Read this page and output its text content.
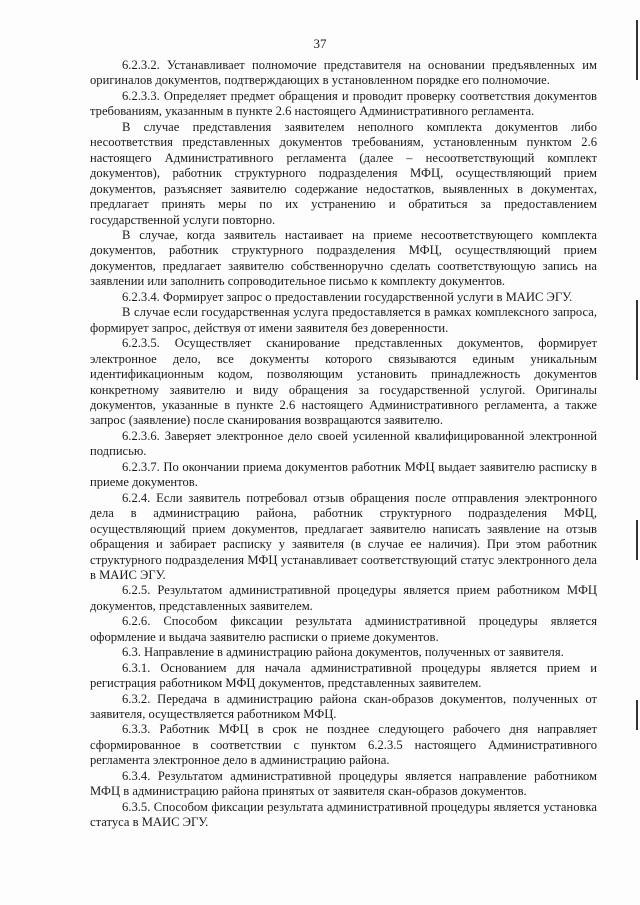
37

6.2.3.2. Устанавливает полномочие представителя на основании предъявленных им оригиналов документов, подтверждающих в установленном порядке его полномочие.

6.2.3.3. Определяет предмет обращения и проводит проверку соответствия документов требованиям, указанным в пункте 2.6 настоящего Административного регламента.

В случае представления заявителем неполного комплекта документов либо несоответствия представленных документов требованиям, установленным пунктом 2.6 настоящего Административного регламента (далее – несоответствующий комплект документов), работник структурного подразделения МФЦ, осуществляющий прием документов, разъясняет заявителю содержание недостатков, выявленных в документах, предлагает принять меры по их устранению и обратиться за предоставлением государственной услуги повторно.

В случае, когда заявитель настаивает на приеме несоответствующего комплекта документов, работник структурного подразделения МФЦ, осуществляющий прием документов, предлагает заявителю собственноручно сделать соответствующую запись на заявлении или заполнить сопроводительное письмо к комплекту документов.

6.2.3.4. Формирует запрос о предоставлении государственной услуги в МАИС ЭГУ.

В случае если государственная услуга предоставляется в рамках комплексного запроса, формирует запрос, действуя от имени заявителя без доверенности.

6.2.3.5. Осуществляет сканирование представленных документов, формирует электронное дело, все документы которого связываются единым уникальным идентификационным кодом, позволяющим установить принадлежность документов конкретному заявителю и виду обращения за государственной услугой. Оригиналы документов, указанные в пункте 2.6 настоящего Административного регламента, а также запрос (заявление) после сканирования возвращаются заявителю.

6.2.3.6. Заверяет электронное дело своей усиленной квалифицированной электронной подписью.

6.2.3.7. По окончании приема документов работник МФЦ выдает заявителю расписку в приеме документов.

6.2.4. Если заявитель потребовал отзыв обращения после отправления электронного дела в администрацию района, работник структурного подразделения МФЦ, осуществляющий прием документов, предлагает заявителю написать заявление на отзыв обращения и забирает расписку у заявителя (в случае ее наличия). При этом работник структурного подразделения МФЦ устанавливает соответствующий статус электронного дела в МАИС ЭГУ.

6.2.5. Результатом административной процедуры является прием работником МФЦ документов, представленных заявителем.

6.2.6. Способом фиксации результата административной процедуры является оформление и выдача заявителю расписки о приеме документов.

6.3. Направление в администрацию района документов, полученных от заявителя.

6.3.1. Основанием для начала административной процедуры является прием и регистрация работником МФЦ документов, представленных заявителем.

6.3.2. Передача в администрацию района скан-образов документов, полученных от заявителя, осуществляется работником МФЦ.

6.3.3. Работник МФЦ в срок не позднее следующего рабочего дня направляет сформированное в соответствии с пунктом 6.2.3.5 настоящего Административного регламента электронное дело в администрацию района.

6.3.4. Результатом административной процедуры является направление работником МФЦ в администрацию района принятых от заявителя скан-образов документов.

6.3.5. Способом фиксации результата административной процедуры является установка статуса в МАИС ЭГУ.
